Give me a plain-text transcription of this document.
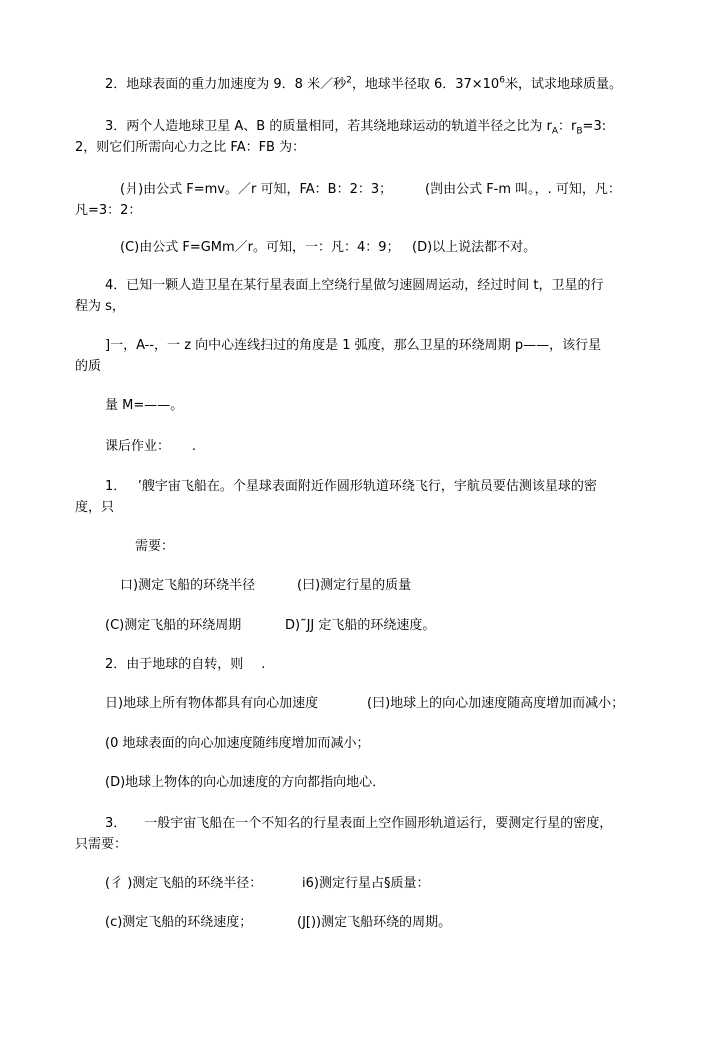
2．地球表面的重力加速度为 9．8 米／秒$^2$，地球半径取 6．$37\times 10^6$米，试求地球质量。
3．两个人造地球卫星 A、B 的质量相同，若其绕地球运动的轨道半径之比为 $r_A$：$r_B=3$:
2，则它们所需向心力之比 FA：FB 为：
(爿)由公式 F=mv。／r 可知，FA：B：2：3；	(剀由公式 F-m 叫。，. 可知，凡：
凡=3：2：
(C)由公式 F=GMm／r。可知，一：凡：4：9； (D)以上说法都不对。
4．已知一颗人造卫星在某行星表面上空绕行星做匀速圆周运动，经过时间 t，卫星的行
程为 s，
]一，A--，一 z 向中心连线扫过的角度是 1 弧度，那么卫星的环绕周期 p——，该行星
的质
量 M=——。
课后作业： .
1． ’艘宇宙飞船在。个星球表面附近作圆形轨道环绕飞行，宇航员要估测该星球的密
度，只
需要：
口)测定飞船的环绕半径	(曰)测定行星的质量
(C)测定飞船的环绕周期	D)˜JJ 定飞船的环绕速度。
2．由于地球的自转，则 .
日)地球上所有物体都具有向心加速度	(曰)地球上的向心加速度随高度增加而减小；
(0 地球表面的向心加速度随纬度增加而减小；
(D)地球上物体的向心加速度的方向都指向地心．
3． 一般宇宙飞船在一个不知名的行星表面上空作圆形轨道运行，要测定行星的密度，
只需要：
(彳 )测定飞船的环绕半径：	i6)测定行星占§质量：
(c)测定飞船的环绕速度；	(J[))测定飞船环绕的周期。
